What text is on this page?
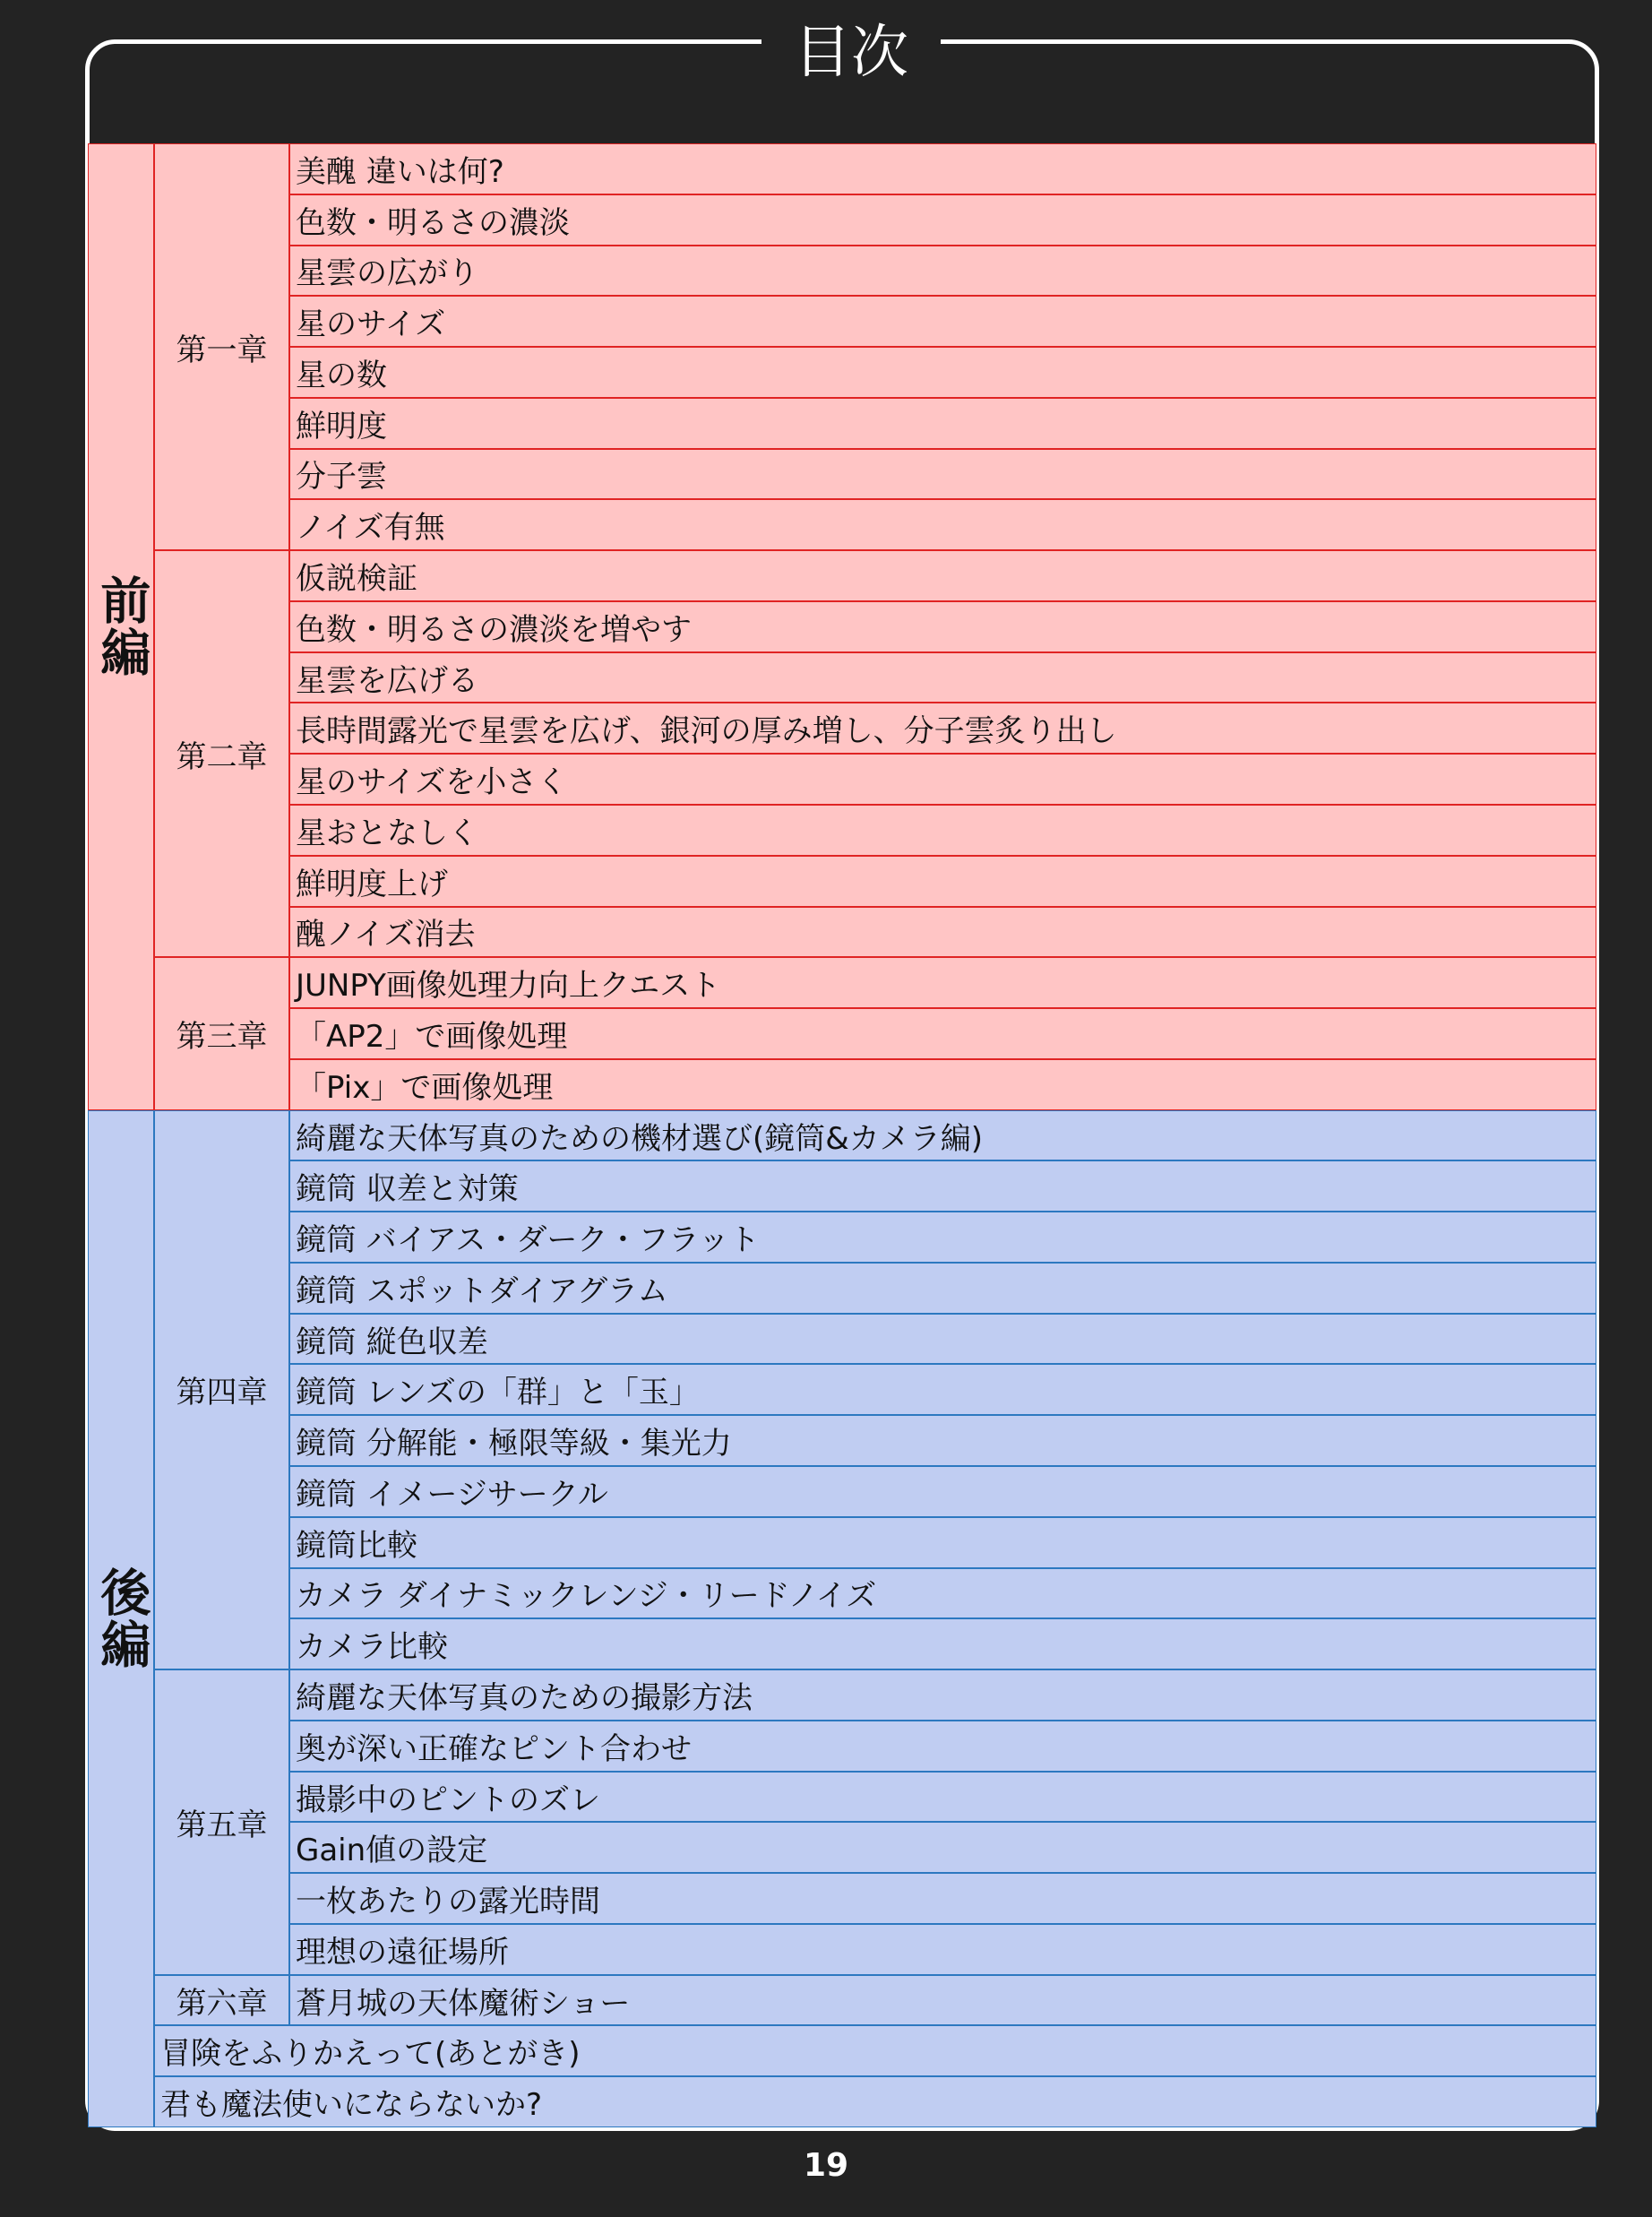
目次
後編
前編
第一章
美醜 違いは何?
色数・明るさの濃淡
星雲の広がり
星のサイズ
星の数
鮮明度
分子雲
ノイズ有無
第二章
仮説検証
色数・明るさの濃淡を増やす
星雲を広げる
長時間露光で星雲を広げ、銀河の厚み増し、分子雲炙り出し
星のサイズを小さく
星おとなしく
鮮明度上げ
醜ノイズ消去
第三章
JUNPY画像処理力向上クエスト
「AP2」で画像処理
「Pix」で画像処理
第四章
綺麗な天体写真のための機材選び(鏡筒&カメラ編)
鏡筒 収差と対策
鏡筒 バイアス・ダーク・フラット
鏡筒 スポットダイアグラム
鏡筒 縦色収差
鏡筒 レンズの「群」と「玉」
鏡筒 分解能・極限等級・集光力
鏡筒 イメージサークル
鏡筒比較
カメラ ダイナミックレンジ・リードノイズ
カメラ比較
第五章
綺麗な天体写真のための撮影方法
奥が深い正確なピント合わせ
撮影中のピントのズレ
Gain値の設定
一枚あたりの露光時間
理想の遠征場所
第六章 蒼月城の天体魔術ショー
冒険をふりかえって(あとがき)
君も魔法使いにならないか?
19
